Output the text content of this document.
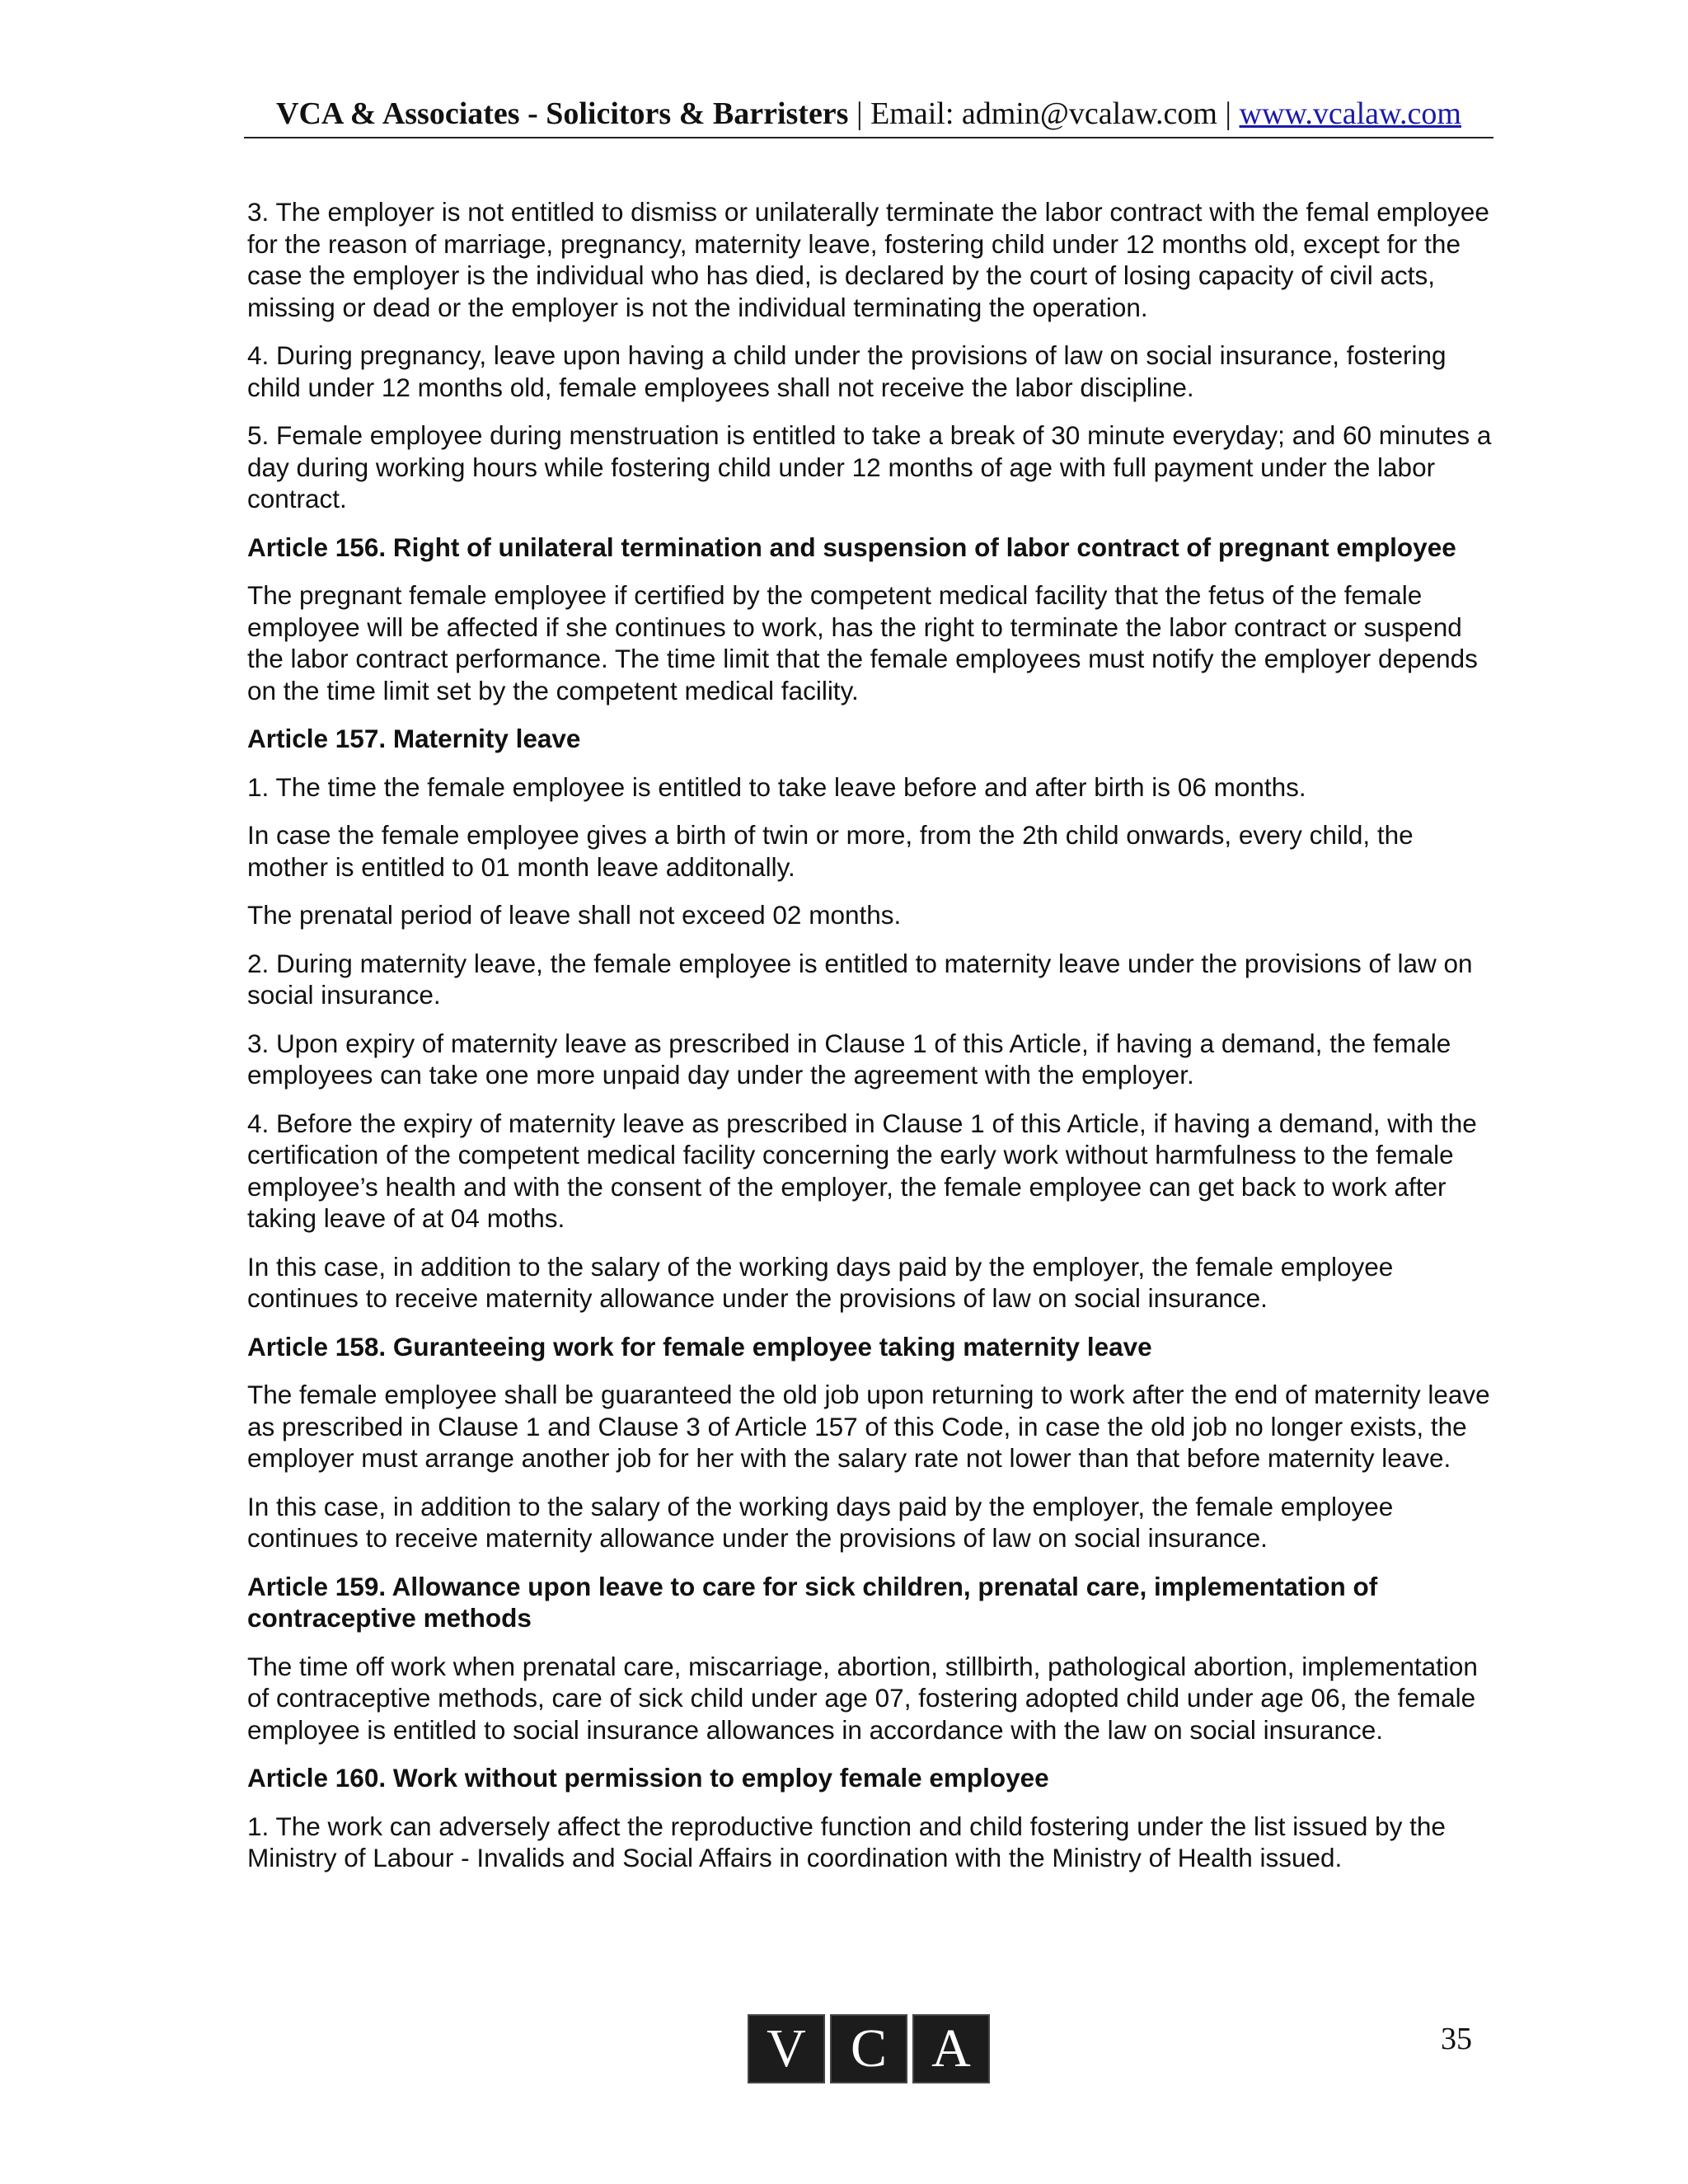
VCA & Associates - Solicitors & Barristers | Email: admin@vcalaw.com | www.vcalaw.com

3. The employer is not entitled to dismiss or unilaterally terminate the labor contract with the femal employee for the reason of marriage, pregnancy, maternity leave, fostering child under 12 months old, except for the case the employer is the individual who has died, is declared by the court of losing capacity of civil acts, missing or dead or the employer is not the individual terminating the operation.

4. During pregnancy, leave upon having a child under the provisions of law on social insurance, fostering child under 12 months old, female employees shall not receive the labor discipline.

5. Female employee during menstruation is entitled to take a break of 30 minute everyday; and 60 minutes a day during working hours while fostering child under 12 months of age with full payment under the labor contract.

Article 156. Right of unilateral termination and suspension of labor contract of pregnant employee

The pregnant female employee if certified by the competent medical facility that the fetus of the female employee will be affected if she continues to work, has the right to terminate the labor contract or suspend the labor contract performance. The time limit that the female employees must notify the employer depends on the time limit set by the competent medical facility.

Article 157. Maternity leave

1. The time the female employee is entitled to take leave before and after birth is 06 months.

In case the female employee gives a birth of twin or more, from the 2th child onwards, every child, the mother is entitled to 01 month leave additonally.

The prenatal period of leave shall not exceed 02 months.

2. During maternity leave, the female employee is entitled to maternity leave under the provisions of law on social insurance.

3. Upon expiry of maternity leave as prescribed in Clause 1 of this Article, if having a demand, the female employees can take one more unpaid day under the agreement with the employer.

4. Before the expiry of maternity leave as prescribed in Clause 1 of this Article, if having a demand, with the certification of the competent medical facility concerning the early work without harmfulness to the female employee’s health and with the consent of the employer, the female employee can get back to work after taking leave of at 04 moths.

In this case, in addition to the salary of the working days paid by the employer, the female employee continues to receive maternity allowance under the provisions of law on social insurance.

Article 158. Guranteeing work for female employee taking maternity leave

The female employee shall be guaranteed the old job upon returning to work after the end of maternity leave as prescribed in Clause 1 and Clause 3 of Article 157 of this Code, in case the old job no longer exists, the employer must arrange another job for her with the salary rate not lower than that before maternity leave.

In this case, in addition to the salary of the working days paid by the employer, the female employee continues to receive maternity allowance under the provisions of law on social insurance.

Article 159. Allowance upon leave to care for sick children, prenatal care, implementation of contraceptive methods

The time off work when prenatal care, miscarriage, abortion, stillbirth, pathological abortion, implementation of contraceptive methods, care of sick child under age 07, fostering adopted child under age 06, the female employee is entitled to social insurance allowances in accordance with the law on social insurance.

Article 160. Work without permission to employ female employee

1. The work can adversely affect the reproductive function and child fostering under the list issued by the Ministry of Labour - Invalids and Social Affairs in coordination with the Ministry of Health issued.

V C A	35
